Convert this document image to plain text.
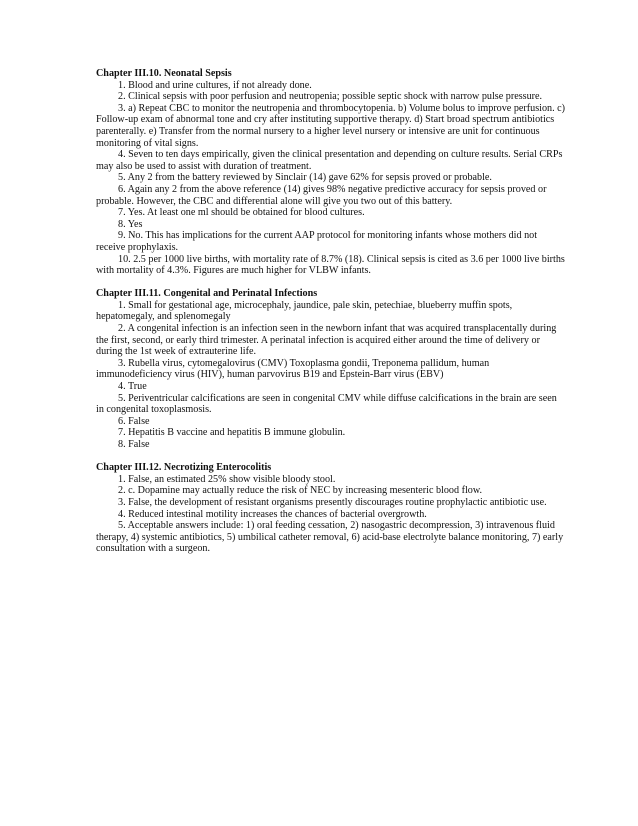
Chapter III.10. Neonatal Sepsis

1. Blood and urine cultures, if not already done.

2. Clinical sepsis with poor perfusion and neutropenia; possible septic shock with narrow pulse pressure.

3. a) Repeat CBC to monitor the neutropenia and thrombocytopenia. b) Volume bolus to improve perfusion. c) Follow-up exam of abnormal tone and cry after instituting supportive therapy. d) Start broad spectrum antibiotics parenterally. e) Transfer from the normal nursery to a higher level nursery or intensive are unit for continuous monitoring of vital signs.

4. Seven to ten days empirically, given the clinical presentation and depending on culture results. Serial CRPs may also be used to assist with duration of treatment.

5. Any 2 from the battery reviewed by Sinclair (14) gave 62% for sepsis proved or probable.

6. Again any 2 from the above reference (14) gives 98% negative predictive accuracy for sepsis proved or probable. However, the CBC and differential alone will give you two out of this battery.

7. Yes. At least one ml should be obtained for blood cultures.

8. Yes

9. No. This has implications for the current AAP protocol for monitoring infants whose mothers did not receive prophylaxis.

10. 2.5 per 1000 live births, with mortality rate of 8.7% (18). Clinical sepsis is cited as 3.6 per 1000 live births with mortality of 4.3%. Figures are much higher for VLBW infants.

Chapter III.11. Congenital and Perinatal Infections

1. Small for gestational age, microcephaly, jaundice, pale skin, petechiae, blueberry muffin spots, hepatomegaly, and splenomegaly

2. A congenital infection is an infection seen in the newborn infant that was acquired transplacentally during the first, second, or early third trimester. A perinatal infection is acquired either around the time of delivery or during the 1st week of extrauterine life.

3. Rubella virus, cytomegalovirus (CMV) Toxoplasma gondii, Treponema pallidum, human immunodeficiency virus (HIV), human parvovirus B19 and Epstein-Barr virus (EBV)

4. True

5. Periventricular calcifications are seen in congenital CMV while diffuse calcifications in the brain are seen in congenital toxoplasmosis.

6. False

7. Hepatitis B vaccine and hepatitis B immune globulin.

8. False

Chapter III.12. Necrotizing Enterocolitis

1. False, an estimated 25% show visible bloody stool.

2. c. Dopamine may actually reduce the risk of NEC by increasing mesenteric blood flow.

3. False, the development of resistant organisms presently discourages routine prophylactic antibiotic use.

4. Reduced intestinal motility increases the chances of bacterial overgrowth.

5. Acceptable answers include: 1) oral feeding cessation, 2) nasogastric decompression, 3) intravenous fluid therapy, 4) systemic antibiotics, 5) umbilical catheter removal, 6) acid-base electrolyte balance monitoring, 7) early consultation with a surgeon.
